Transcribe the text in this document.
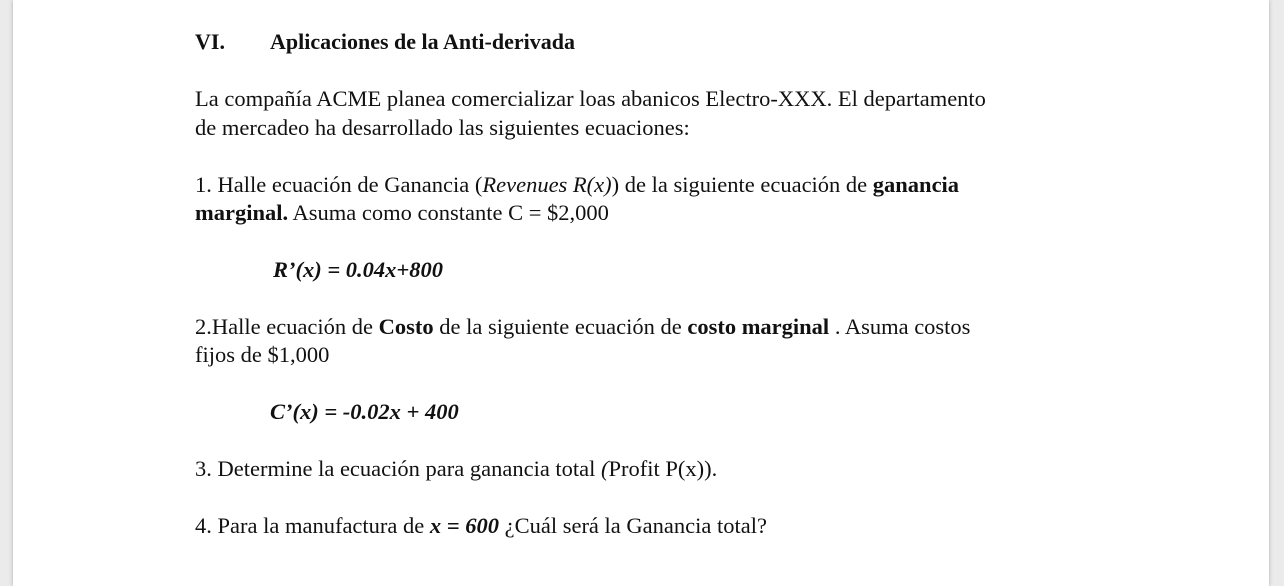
VI. Aplicaciones de la Anti-derivada
La compañía ACME planea comercializar loas abanicos Electro-XXX. El departamento
de mercadeo ha desarrollado las siguientes ecuaciones:
1. Halle ecuación de Ganancia (Revenues R(x)) de la siguiente ecuación de ganancia
marginal. Asuma como constante C = $2,000
R’(x) = 0.04x+800
2.Halle ecuación de Costo de la siguiente ecuación de costo marginal . Asuma costos
fijos de $1,000
C’(x) = -0.02x + 400
3. Determine la ecuación para ganancia total (Profit P(x)).
4. Para la manufactura de x = 600 ¿Cuál será la Ganancia total?
